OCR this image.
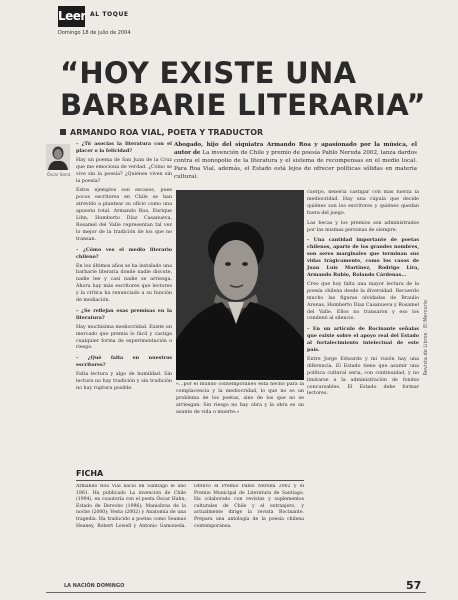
Leer AL TOQUE
Domingo 18 de julio de 2004
“HOY EXISTE UNA
BARBARIE LITERARIA”
ARMANDO ROA VIAL, POETA Y TRADUCTOR
Óscar Sarrá

– ¿Tú asocias la literatura con el placer o la felicidad?

Hay un poema de San Juan de la Cruz que me emociona de verdad. ¿Cómo se vive sin la poesía? ¿Quiénes viven sin la poesía?

Estos ejemplos son escasos, pues pocos escritores en Chile se han atrevido a plantear su oficio como una apuesta total. Armando Roa, Enrique Lihn, Humberto Díaz Casanueva, Rosamel del Valle representan tal vez lo mejor de la tradición de los que no transan.

– ¿Cómo ves el medio literario chileno?

En los últimos años se ha instalado una barbarie literaria donde nadie discute, nadie lee y casi nadie se arriesga. Ahora hay más escritores que lectores y la crítica ha renunciado a su función de mediación.

– ¿Se reflejan esas premisas en la literatura?

Hay muchísima mediocridad. Existe un mercado que premia lo fácil y castiga cualquier forma de experimentación o riesgo.

– ¿Qué falta en nuestros escritores?

Falta lectura y algo de humildad. Sin lectura no hay tradición y sin tradición no hay ruptura posible.

Abogado, hijo del siquiatra Armando Roa y apasionado por la música, el autor de La invención de Chile y premio de poesía Pablo Neruda 2002, lanza dardos contra el monopolio de la literatura y el sistema de recompensas en el medio local. Para Roa Vial, además, el Estado está lejos de ofrecer políticas sólidas en materia cultural.
«...por el mundo contemporáneo está hecho para la complacencia y la mediocridad, lo que no es un problema de los poetas, sino de los que no se arriesgan. Sin riesgo no hay obra y la obra es un asunto de vida o muerte.»

cuerpo, debería castigar con más fuerza la mediocridad. Hay una cúpula que decide quiénes son los escritores y quiénes quedan fuera del juego.

Las becas y los premios son administrados por las mismas personas de siempre.

– Una cantidad importante de poetas chilenos, aparte de los grandes nombres, son seres marginales que terminan sus vidas trágicamente, como los casos de Juan Luis Martínez, Rodrigo Lira, Armando Rubio, Rolando Cárdenas...

Creo que hoy falta una mayor lectura de la poesía chilena desde la diversidad. Recuerdo mucho las figuras olvidadas de Braulio Arenas, Humberto Díaz Casanueva y Rosamel del Valle. Ellos no transaron y eso los condenó al silencio.

– En un artículo de Rocinante señalas que existe sobre el apoyo real del Estado al fortalecimiento intelectual de este país.

Entre Jorge Edwards y mi visión hay una diferencia. El Estado tiene que asumir una política cultural seria, con continuidad, y no limitarse a la administración de fondos concursables. El Estado debe formar lectores.

Revista de Libros · El Mercurio
FICHA
Armando Roa Vial nació en Santiago el año 1961. Ha publicado La invención de Chile (1994), en coautoría con el poeta Óscar Hahn; Estado de Derecho (1996); Maniobras de la noche (2000); Vesta (2002) y Anatomía de una tragedia. Ha traducido a poetas como Seamus Heaney, Robert Lowell y Antonio Gamoneda. Obtuvo el Premio Pablo Neruda 2002 y el Premio Municipal de Literatura de Santiago. Ha colaborado con revistas y suplementos culturales de Chile y el extranjero, y actualmente dirige la revista Rocinante. Prepara una antología de la poesía chilena contemporánea.
LA NACIÓN DOMINGO	57
